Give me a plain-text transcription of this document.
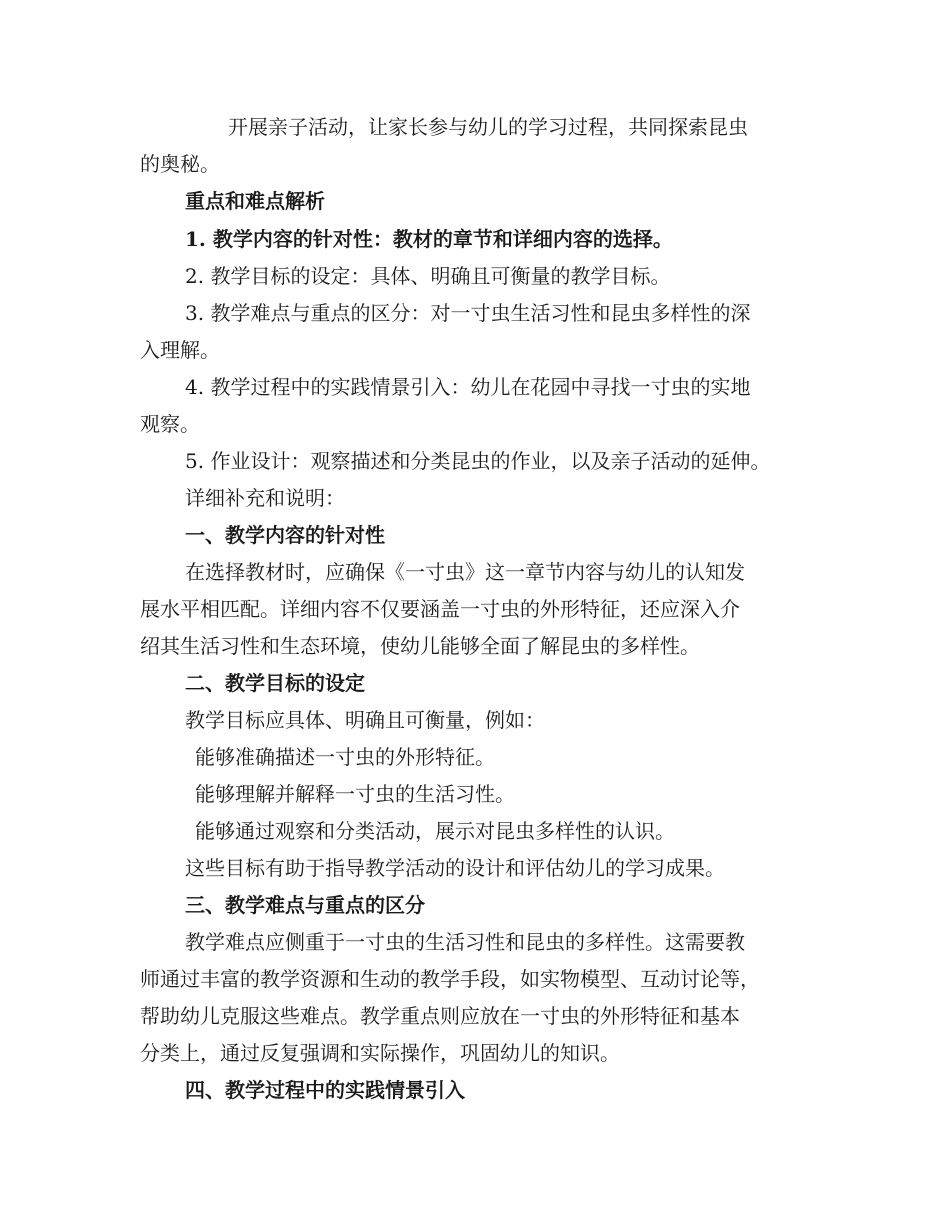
开展亲子活动，让家长参与幼儿的学习过程，共同探索昆虫
的奥秘。
重点和难点解析
1. 教学内容的针对性：教材的章节和详细内容的选择。
2. 教学目标的设定：具体、明确且可衡量的教学目标。
3. 教学难点与重点的区分：对一寸虫生活习性和昆虫多样性的深
入理解。
4. 教学过程中的实践情景引入：幼儿在花园中寻找一寸虫的实地
观察。
5. 作业设计：观察描述和分类昆虫的作业，以及亲子活动的延伸。
详细补充和说明：
一、教学内容的针对性
在选择教材时，应确保《一寸虫》这一章节内容与幼儿的认知发
展水平相匹配。详细内容不仅要涵盖一寸虫的外形特征，还应深入介
绍其生活习性和生态环境，使幼儿能够全面了解昆虫的多样性。
二、教学目标的设定
教学目标应具体、明确且可衡量，例如：
能够准确描述一寸虫的外形特征。
能够理解并解释一寸虫的生活习性。
能够通过观察和分类活动，展示对昆虫多样性的认识。
这些目标有助于指导教学活动的设计和评估幼儿的学习成果。
三、教学难点与重点的区分
教学难点应侧重于一寸虫的生活习性和昆虫的多样性。这需要教
师通过丰富的教学资源和生动的教学手段，如实物模型、互动讨论等，
帮助幼儿克服这些难点。教学重点则应放在一寸虫的外形特征和基本
分类上，通过反复强调和实际操作，巩固幼儿的知识。
四、教学过程中的实践情景引入
